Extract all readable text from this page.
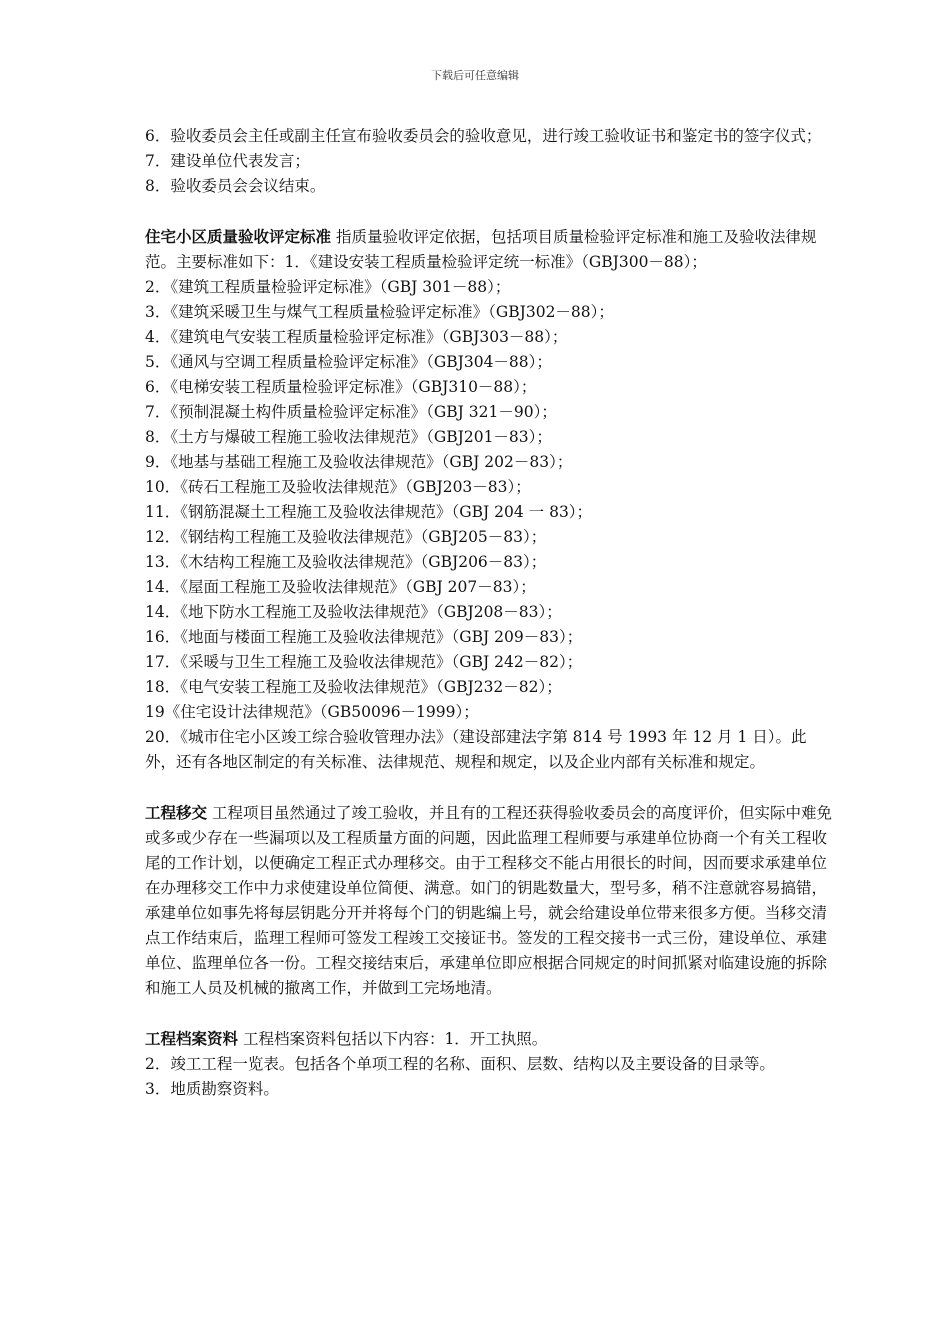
下载后可任意编辑

6．验收委员会主任或副主任宣布验收委员会的验收意见，进行竣工验收证书和鉴定书的签字仪式；

7．建设单位代表发言；

8．验收委员会会议结束。

住宅小区质量验收评定标准 指质量验收评定依据，包括项目质量检验评定标准和施工及验收法律规范。主要标准如下：1．《建设安装工程质量检验评定统一标准》（GBJ300－88）；

2．《建筑工程质量检验评定标准》（GBJ 301－88）；

3．《建筑采暖卫生与煤气工程质量检验评定标准》（GBJ302－88）；

4．《建筑电气安装工程质量检验评定标准》（GBJ303－88）；

5．《通风与空调工程质量检验评定标准》（GBJ304－88）；

6．《电梯安装工程质量检验评定标准》（GBJ310－88）；

7．《预制混凝土构件质量检验评定标准》（GBJ 321－90）；

8．《土方与爆破工程施工验收法律规范》（GBJ201－83）；

9．《地基与基础工程施工及验收法律规范》（GBJ 202－83）；

10．《砖石工程施工及验收法律规范》（GBJ203－83）；

11．《钢筋混凝土工程施工及验收法律规范》（GBJ 204 一 83）；

12．《钢结构工程施工及验收法律规范》（GBJ205－83）；

13．《木结构工程施工及验收法律规范》（GBJ206－83）；

14．《屋面工程施工及验收法律规范》（GBJ 207－83）；

14．《地下防水工程施工及验收法律规范》（GBJ208－83）；

16．《地面与楼面工程施工及验收法律规范》（GBJ 209－83）；

17．《采暖与卫生工程施工及验收法律规范》（GBJ 242－82）；

18．《电气安装工程施工及验收法律规范》（GBJ232－82）；

19《住宅设计法律规范》（GB50096－1999）；

20．《城市住宅小区竣工综合验收管理办法》（建设部建法字第 814 号 1993 年 12 月 1 日）。此外，还有各地区制定的有关标准、法律规范、规程和规定，以及企业内部有关标准和规定。

工程移交 工程项目虽然通过了竣工验收，并且有的工程还获得验收委员会的高度评价，但实际中难免或多或少存在一些漏项以及工程质量方面的问题，因此监理工程师要与承建单位协商一个有关工程收尾的工作计划，以便确定工程正式办理移交。由于工程移交不能占用很长的时间，因而要求承建单位在办理移交工作中力求使建设单位简便、满意。如门的钥匙数量大，型号多，稍不注意就容易搞错，承建单位如事先将每层钥匙分开并将每个门的钥匙编上号，就会给建设单位带来很多方便。当移交清点工作结束后，监理工程师可签发工程竣工交接证书。签发的工程交接书一式三份，建设单位、承建单位、监理单位各一份。工程交接结束后，承建单位即应根据合同规定的时间抓紧对临建设施的拆除和施工人员及机械的撤离工作，并做到工完场地清。

工程档案资料 工程档案资料包括以下内容：1．开工执照。

2．竣工工程一览表。包括各个单项工程的名称、面积、层数、结构以及主要设备的目录等。

3．地质勘察资料。
